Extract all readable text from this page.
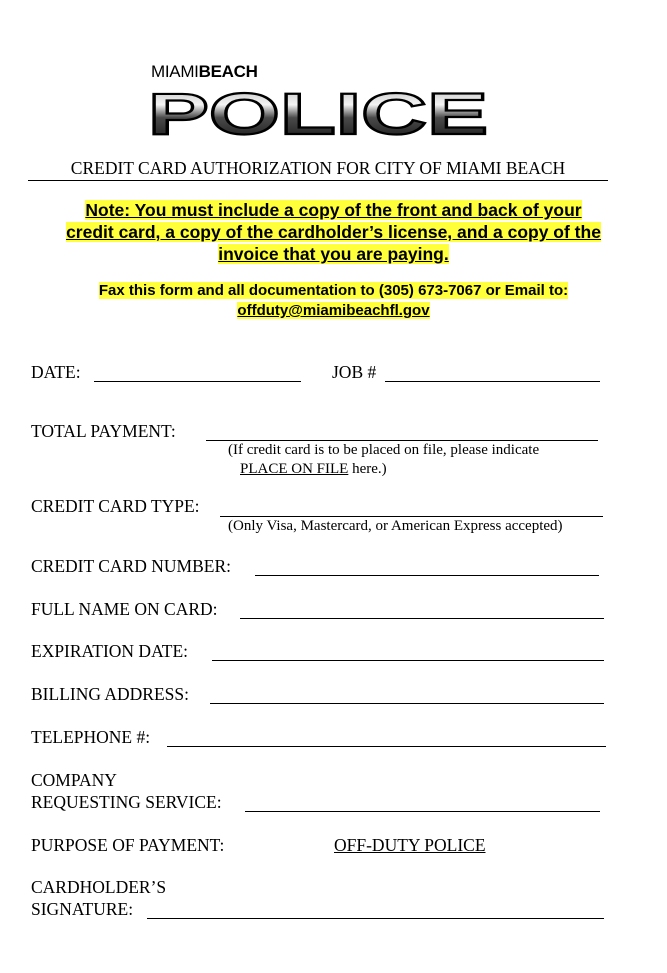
MIAMIBEACH
POLICE
CREDIT CARD AUTHORIZATION FOR CITY OF MIAMI BEACH
Note: You must include a copy of the front and back of your
credit card, a copy of the cardholder’s license, and a copy of the
invoice that you are paying.
Fax this form and all documentation to (305) 673-7067 or Email to:
offduty@miamibeachfl.gov
DATE:	JOB #
TOTAL PAYMENT:
(If credit card is to be placed on file, please indicate
PLACE ON FILE here.)
CREDIT CARD TYPE:
(Only Visa, Mastercard, or American Express accepted)
CREDIT CARD NUMBER:
FULL NAME ON CARD:
EXPIRATION DATE:
BILLING ADDRESS:
TELEPHONE #:
COMPANY
REQUESTING SERVICE:
PURPOSE OF PAYMENT:	OFF-DUTY POLICE
CARDHOLDER’S
SIGNATURE:
